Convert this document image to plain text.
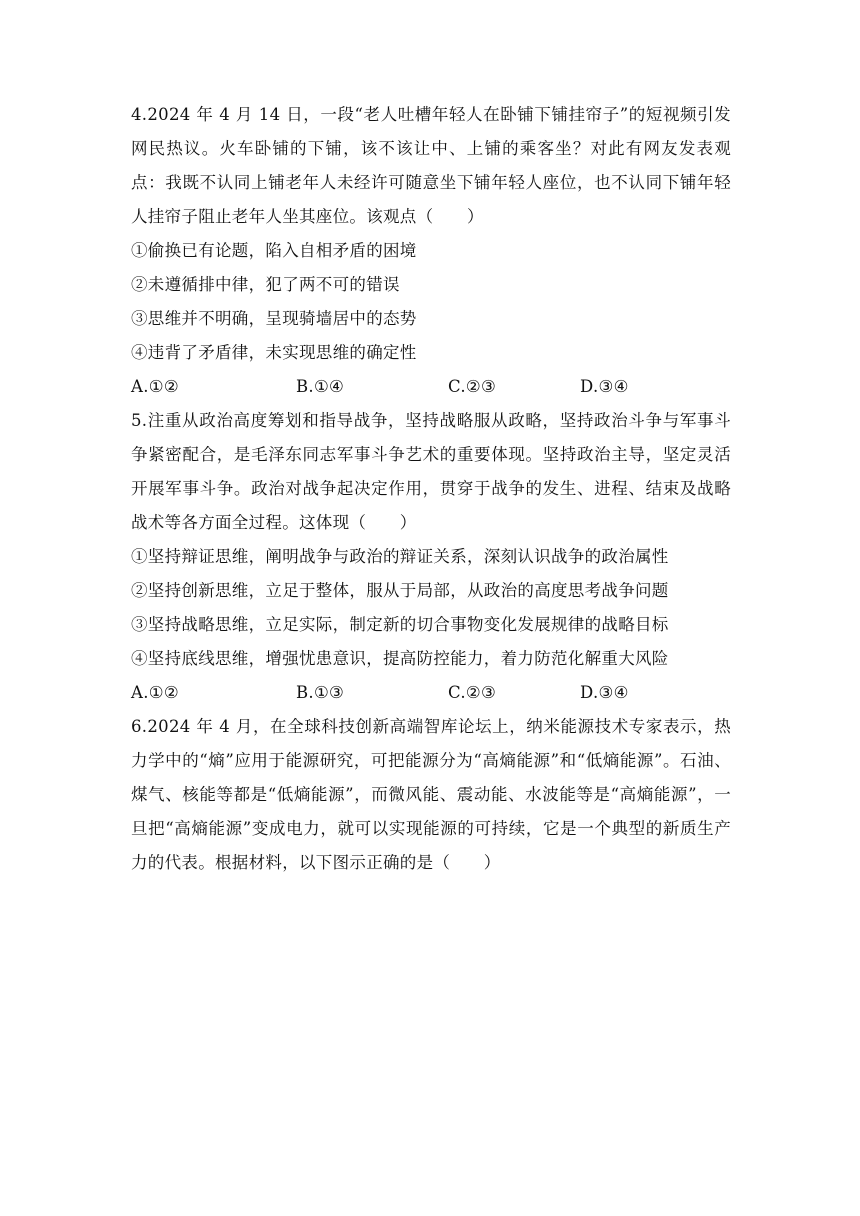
4.2024 年 4 月 14 日，一段“老人吐槽年轻人在卧铺下铺挂帘子”的短视频引发网民热议。火车卧铺的下铺，该不该让中、上铺的乘客坐？对此有网友发表观点：我既不认同上铺老年人未经许可随意坐下铺年轻人座位，也不认同下铺年轻人挂帘子阻止老年人坐其座位。该观点（　　）

①偷换已有论题，陷入自相矛盾的困境

②未遵循排中律，犯了两不可的错误

③思维并不明确，呈现骑墙居中的态势

④违背了矛盾律，未实现思维的确定性

A.①②	B.①④	C.②③	D.③④

5.注重从政治高度筹划和指导战争，坚持战略服从政略，坚持政治斗争与军事斗争紧密配合，是毛泽东同志军事斗争艺术的重要体现。坚持政治主导，坚定灵活开展军事斗争。政治对战争起决定作用，贯穿于战争的发生、进程、结束及战略战术等各方面全过程。这体现（　　）

①坚持辩证思维，阐明战争与政治的辩证关系，深刻认识战争的政治属性

②坚持创新思维，立足于整体，服从于局部，从政治的高度思考战争问题

③坚持战略思维，立足实际，制定新的切合事物变化发展规律的战略目标

④坚持底线思维，增强忧患意识，提高防控能力，着力防范化解重大风险

A.①②	B.①③	C.②③	D.③④

6.2024 年 4 月，在全球科技创新高端智库论坛上，纳米能源技术专家表示，热力学中的“熵”应用于能源研究，可把能源分为“高熵能源”和“低熵能源”。石油、煤气、核能等都是“低熵能源”，而微风能、震动能、水波能等是“高熵能源”，一旦把“高熵能源”变成电力，就可以实现能源的可持续，它是一个典型的新质生产力的代表。根据材料，以下图示正确的是（　　）
